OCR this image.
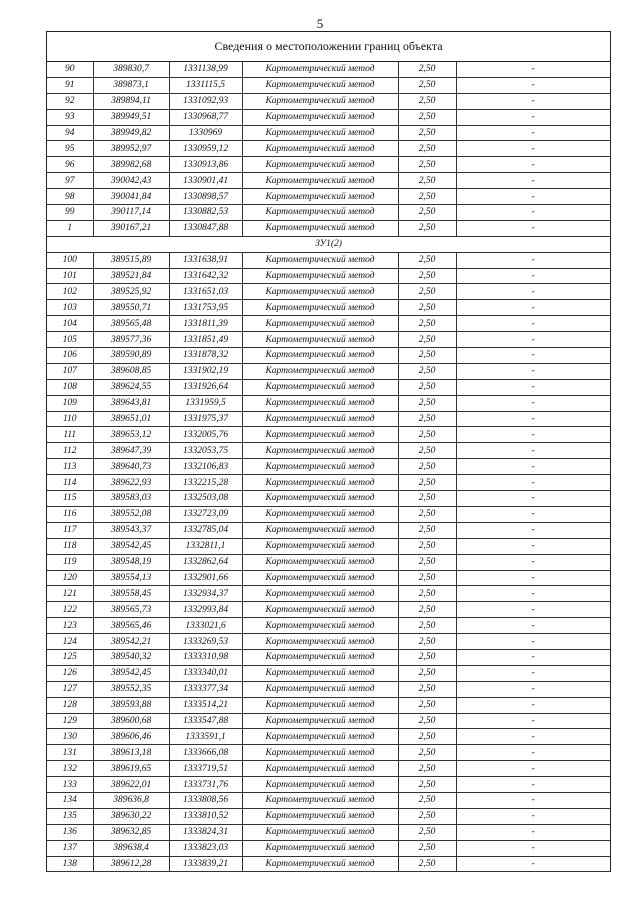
5
Сведения о местоположении границ объекта
90	389830,7	1331138,99	Картометрический метод	2,50	-
91	389873,1	1331115,5	Картометрический метод	2,50	-
92	389894,11	1331092,93	Картометрический метод	2,50	-
93	389949,51	1330968,77	Картометрический метод	2,50	-
94	389949,82	1330969	Картометрический метод	2,50	-
95	389952,97	1330959,12	Картометрический метод	2,50	-
96	389982,68	1330913,86	Картометрический метод	2,50	-
97	390042,43	1330901,41	Картометрический метод	2,50	-
98	390041,84	1330898,57	Картометрический метод	2,50	-
99	390117,14	1330882,53	Картометрический метод	2,50	-
1	390167,21	1330847,88	Картометрический метод	2,50	-
ЗУ1(2)					
100	389515,89	1331638,91	Картометрический метод	2,50	-
101	389521,84	1331642,32	Картометрический метод	2,50	-
102	389525,92	1331651,03	Картометрический метод	2,50	-
103	389550,71	1331753,95	Картометрический метод	2,50	-
104	389565,48	1331811,39	Картометрический метод	2,50	-
105	389577,36	1331851,49	Картометрический метод	2,50	-
106	389590,89	1331878,32	Картометрический метод	2,50	-
107	389608,85	1331902,19	Картометрический метод	2,50	-
108	389624,55	1331926,64	Картометрический метод	2,50	-
109	389643,81	1331959,5	Картометрический метод	2,50	-
110	389651,01	1331975,37	Картометрический метод	2,50	-
111	389653,12	1332005,76	Картометрический метод	2,50	-
112	389647,39	1332053,75	Картометрический метод	2,50	-
113	389640,73	1332106,83	Картометрический метод	2,50	-
114	389622,93	1332215,28	Картометрический метод	2,50	-
115	389583,03	1332503,08	Картометрический метод	2,50	-
116	389552,08	1332723,09	Картометрический метод	2,50	-
117	389543,37	1332785,04	Картометрический метод	2,50	-
118	389542,45	1332811,1	Картометрический метод	2,50	-
119	389548,19	1332862,64	Картометрический метод	2,50	-
120	389554,13	1332901,66	Картометрический метод	2,50	-
121	389558,45	1332934,37	Картометрический метод	2,50	-
122	389565,73	1332993,84	Картометрический метод	2,50	-
123	389565,46	1333021,6	Картометрический метод	2,50	-
124	389542,21	1333269,53	Картометрический метод	2,50	-
125	389540,32	1333310,98	Картометрический метод	2,50	-
126	389542,45	1333340,01	Картометрический метод	2,50	-
127	389552,35	1333377,34	Картометрический метод	2,50	-
128	389593,88	1333514,21	Картометрический метод	2,50	-
129	389600,68	1333547,88	Картометрический метод	2,50	-
130	389606,46	1333591,1	Картометрический метод	2,50	-
131	389613,18	1333666,08	Картометрический метод	2,50	-
132	389619,65	1333719,51	Картометрический метод	2,50	-
133	389622,01	1333731,76	Картометрический метод	2,50	-
134	389636,8	1333808,56	Картометрический метод	2,50	-
135	389630,22	1333810,52	Картометрический метод	2,50	-
136	389632,85	1333824,31	Картометрический метод	2,50	-
137	389638,4	1333823,03	Картометрический метод	2,50	-
138	389612,28	1333839,21	Картометрический метод	2,50	-
